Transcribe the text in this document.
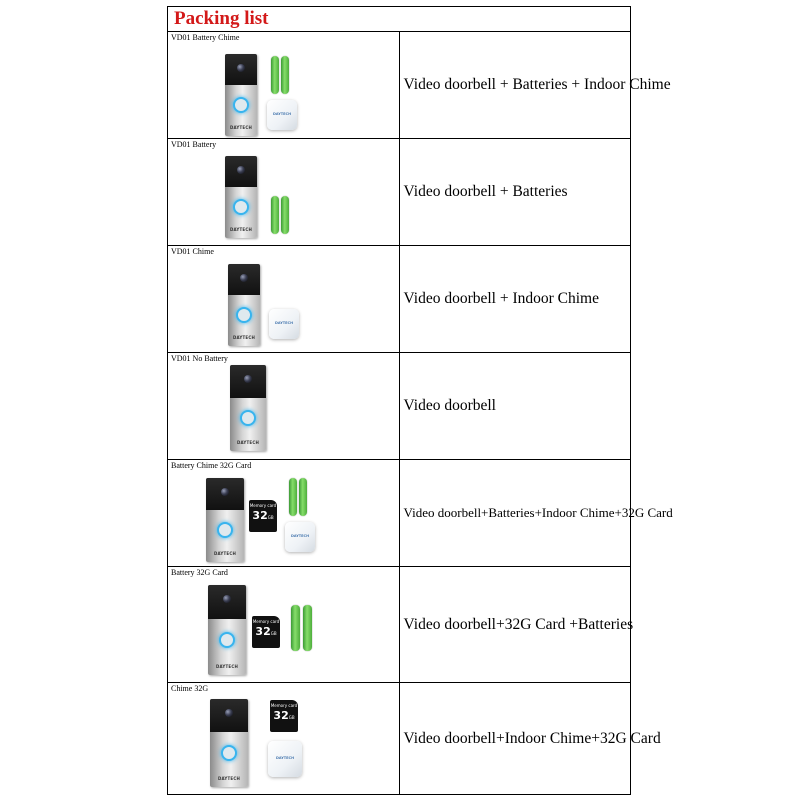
Packing list	

VD01 Battery Chime
DAYTECH
DAYTECH	Video doorbell + Batteries + Indoor Chime

VD01 Battery
DAYTECH	Video doorbell + Batteries

VD01 Chime
DAYTECH
DAYTECH	Video doorbell + Indoor Chime

VD01 No Battery
DAYTECH	Video doorbell

Battery Chime 32G Card
DAYTECH
Memory card
32GB
DAYTECH	Video doorbell+Batteries+Indoor Chime+32G Card

Battery 32G Card
DAYTECH
Memory card
32GB	Video doorbell+32G Card +Batteries

Chime 32G
DAYTECH
Memory card
32GB
DAYTECH	Video doorbell+Indoor Chime+32G Card
